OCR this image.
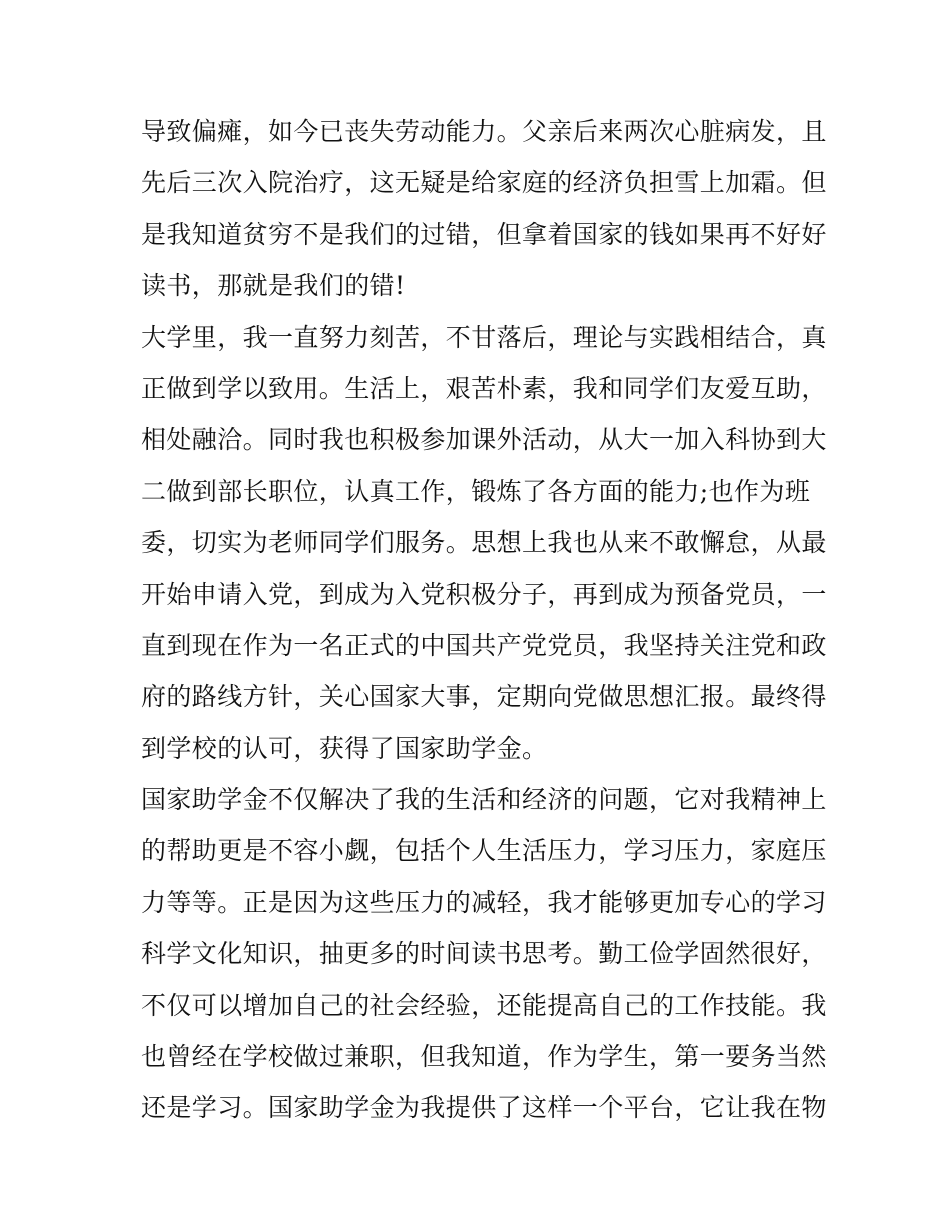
导致偏瘫，如今已丧失劳动能力。父亲后来两次心脏病发，且
先后三次入院治疗，这无疑是给家庭的经济负担雪上加霜。但
是我知道贫穷不是我们的过错，但拿着国家的钱如果再不好好
读书，那就是我们的错!
大学里，我一直努力刻苦，不甘落后，理论与实践相结合，真
正做到学以致用。生活上，艰苦朴素，我和同学们友爱互助，
相处融洽。同时我也积极参加课外活动，从大一加入科协到大
二做到部长职位，认真工作，锻炼了各方面的能力;也作为班
委，切实为老师同学们服务。思想上我也从来不敢懈怠，从最
开始申请入党，到成为入党积极分子，再到成为预备党员，一
直到现在作为一名正式的中国共产党党员，我坚持关注党和政
府的路线方针，关心国家大事，定期向党做思想汇报。最终得
到学校的认可，获得了国家助学金。
国家助学金不仅解决了我的生活和经济的问题，它对我精神上
的帮助更是不容小觑，包括个人生活压力，学习压力，家庭压
力等等。正是因为这些压力的减轻，我才能够更加专心的学习
科学文化知识，抽更多的时间读书思考。勤工俭学固然很好，
不仅可以增加自己的社会经验，还能提高自己的工作技能。我
也曾经在学校做过兼职，但我知道，作为学生，第一要务当然
还是学习。国家助学金为我提供了这样一个平台，它让我在物
